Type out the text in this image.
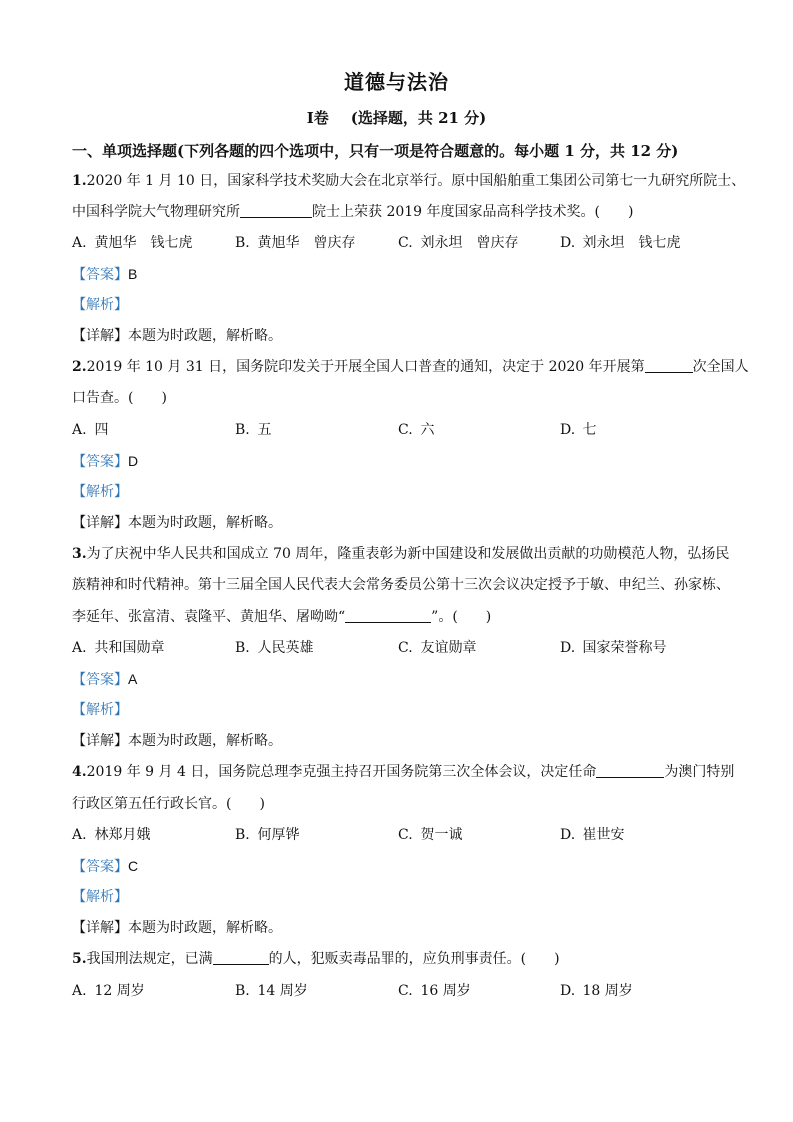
道德与法治
Ⅰ卷 (选择题，共 21 分)
一、单项选择题(下列各题的四个选项中，只有一项是符合题意的。每小题 1 分，共 12 分)
1.2020 年 1 月 10 日，国家科学技术奖励大会在北京举行。原中国船舶重工集团公司第七一九研究所院士、
中国科学院大气物理研究所	院士上荣获 2019 年度国家品高科学技术奖。(　　)
A. 黄旭华　钱七虎	B. 黄旭华　曾庆存	C. 刘永坦　曾庆存	D. 刘永坦　钱七虎
【答案】B
【解析】
【详解】本题为时政题，解析略。
2.2019 年 10 月 31 日，国务院印发关于开展全国人口普查的通知，决定于 2020 年开展第	次全国人
口告查。(　　)
A. 四	B. 五	C. 六	D. 七
【答案】D
【解析】
【详解】本题为时政题，解析略。
3.为了庆祝中华人民共和国成立 70 周年，隆重表彰为新中国建设和发展做出贡献的功勋模范人物，弘扬民
族精神和时代精神。第十三届全国人民代表大会常务委员公第十三次会议决定授予于敏、申纪兰、孙家栋、
李延年、张富清、袁隆平、黄旭华、屠呦呦“	”。(　　)
A. 共和国勋章	B. 人民英雄	C. 友谊勋章	D. 国家荣誉称号
【答案】A
【解析】
【详解】本题为时政题，解析略。
4.2019 年 9 月 4 日，国务院总理李克强主持召开国务院第三次全体会议，决定任命	为澳门特别
行政区第五任行政长官。(　　)
A. 林郑月娥	B. 何厚铧	C. 贺一诚	D. 崔世安
【答案】C
【解析】
【详解】本题为时政题，解析略。
5.我国刑法规定，已满	的人，犯贩卖毒品罪的，应负刑事责任。(　　)
A. 12 周岁	B. 14 周岁	C. 16 周岁	D. 18 周岁
